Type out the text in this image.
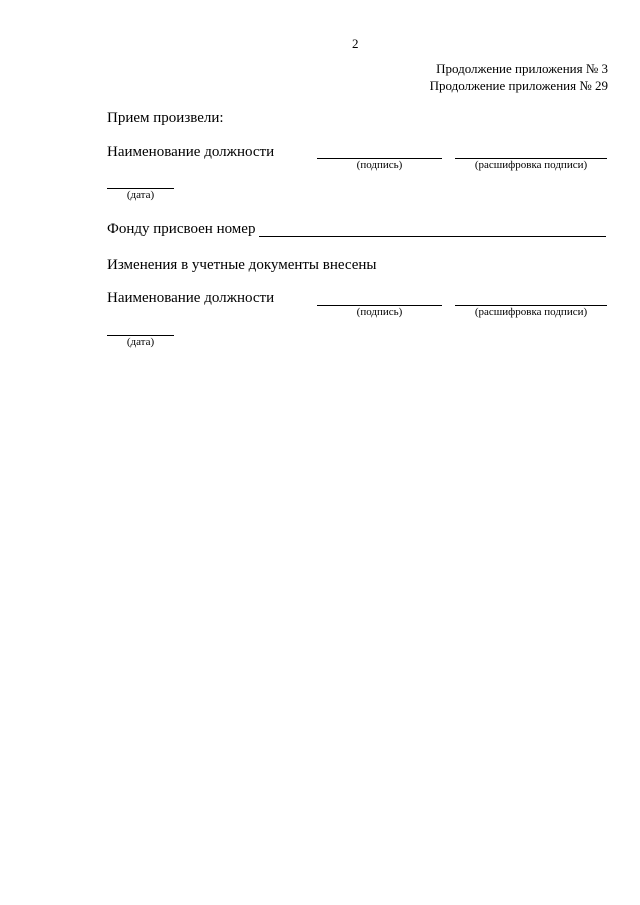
2
Продолжение приложения № 3
Продолжение приложения № 29
Прием произвели:
Наименование должности
(подпись)	(расшифровка подписи)
(дата)
Фонду присвоен номер
Изменения в учетные документы внесены
Наименование должности
(подпись)	(расшифровка подписи)
(дата)
